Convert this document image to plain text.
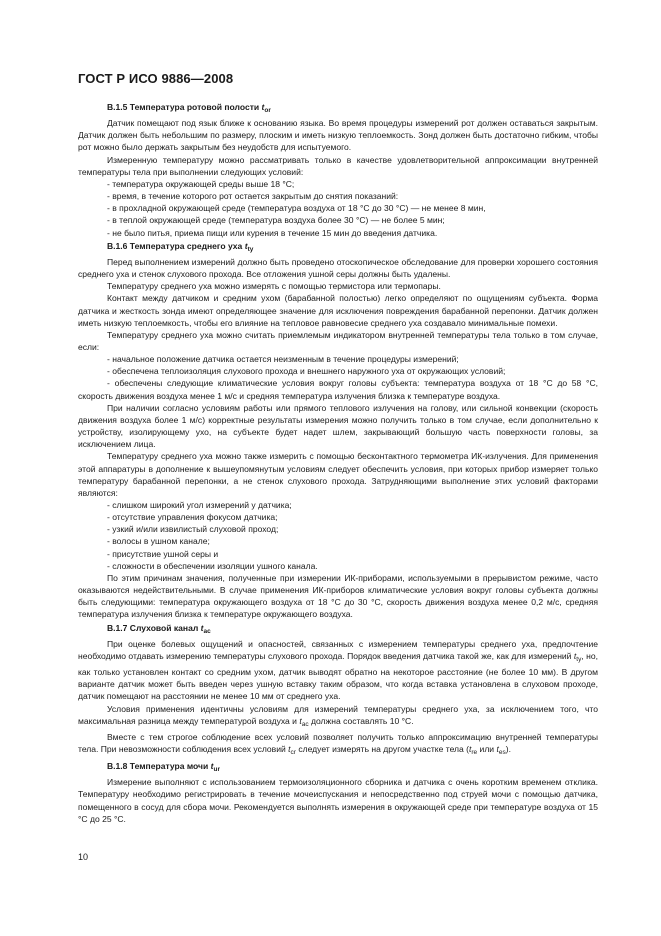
ГОСТ Р ИСО 9886—2008

В.1.5 Температура ротовой полости $t_{or}$

Датчик помещают под язык ближе к основанию языка. Во время процедуры измерений рот должен оставаться закрытым. Датчик должен быть небольшим по размеру, плоским и иметь низкую теплоемкость. Зонд должен быть достаточно гибким, чтобы рот можно было держать закрытым без неудобств для испытуемого.

Измеренную температуру можно рассматривать только в качестве удовлетворительной аппроксимации внутренней температуры тела при выполнении следующих условий:

- температура окружающей среды выше 18 °С;

- время, в течение которого рот остается закрытым до снятия показаний:

- в прохладной окружающей среде (температура воздуха от 18 °С до 30 °С) — не менее 8 мин,

- в теплой окружающей среде (температура воздуха более 30 °С) — не более 5 мин;

- не было питья, приема пищи или курения в течение 15 мин до введения датчика.

В.1.6 Температура среднего уха $t_{ty}$

Перед выполнением измерений должно быть проведено отоскопическое обследование для проверки хорошего состояния среднего уха и стенок слухового прохода. Все отложения ушной серы должны быть удалены.

Температуру среднего уха можно измерять с помощью термистора или термопары.

Контакт между датчиком и средним ухом (барабанной полостью) легко определяют по ощущениям субъекта. Форма датчика и жесткость зонда имеют определяющее значение для исключения повреждения барабанной перепонки. Датчик должен иметь низкую теплоемкость, чтобы его влияние на тепловое равновесие среднего уха создавало минимальные помехи.

Температуру среднего уха можно считать приемлемым индикатором внутренней температуры тела только в том случае, если:

- начальное положение датчика остается неизменным в течение процедуры измерений;

- обеспечена теплоизоляция слухового прохода и внешнего наружного уха от окружающих условий;

- обеспечены следующие климатические условия вокруг головы субъекта: температура воздуха от 18 °С до 58 °С, скорость движения воздуха менее 1 м/с и средняя температура излучения близка к температуре воздуха.

При наличии согласно условиям работы или прямого теплового излучения на голову, или сильной конвекции (скорость движения воздуха более 1 м/с) корректные результаты измерения можно получить только в том случае, если дополнительно к устройству, изолирующему ухо, на субъекте будет надет шлем, закрывающий большую часть поверхности головы, за исключением лица.

Температуру среднего уха можно также измерить с помощью бесконтактного термометра ИК-излучения. Для применения этой аппаратуры в дополнение к вышеупомянутым условиям следует обеспечить условия, при которых прибор измеряет только температуру барабанной перепонки, а не стенок слухового прохода. Затрудняющими выполнение этих условий факторами являются:

- слишком широкий угол измерений у датчика;

- отсутствие управления фокусом датчика;

- узкий и/или извилистый слуховой проход;

- волосы в ушном канале;

- присутствие ушной серы и

- сложности в обеспечении изоляции ушного канала.

По этим причинам значения, полученные при измерении ИК-приборами, используемыми в прерывистом режиме, часто оказываются недействительными. В случае применения ИК-приборов климатические условия вокруг головы субъекта должны быть следующими: температура окружающего воздуха от 18 °С до 30 °С, скорость движения воздуха менее 0,2 м/с, средняя температура излучения близка к температуре окружающего воздуха.

В.1.7 Слуховой канал $t_{ac}$

При оценке болевых ощущений и опасностей, связанных с измерением температуры среднего уха, предпочтение необходимо отдавать измерению температуры слухового прохода. Порядок введения датчика такой же, как для измерений $t_{ty}$, но, как только установлен контакт со средним ухом, датчик выводят обратно на некоторое расстояние (не более 10 мм). В другом варианте датчик может быть введен через ушную вставку таким образом, что когда вставка установлена в слуховом проходе, датчик помещают на расстоянии не менее 10 мм от среднего уха.

Условия применения идентичны условиям для измерений температуры среднего уха, за исключением того, что максимальная разница между температурой воздуха и $t_{ac}$ должна составлять 10 °С.

Вместе с тем строгое соблюдение всех условий позволяет получить только аппроксимацию внутренней температуры тела. При невозможности соблюдения всех условий $t_{cr}$ следует измерять на другом участке тела ($t_{re}$ или $t_{es}$).

В.1.8 Температура мочи $t_{ur}$

Измерение выполняют с использованием термоизоляционного сборника и датчика с очень коротким временем отклика. Температуру необходимо регистрировать в течение мочеиспускания и непосредственно под струей мочи с помощью датчика, помещенного в сосуд для сбора мочи. Рекомендуется выполнять измерения в окружающей среде при температуре воздуха от 15 °С до 25 °С.

10
